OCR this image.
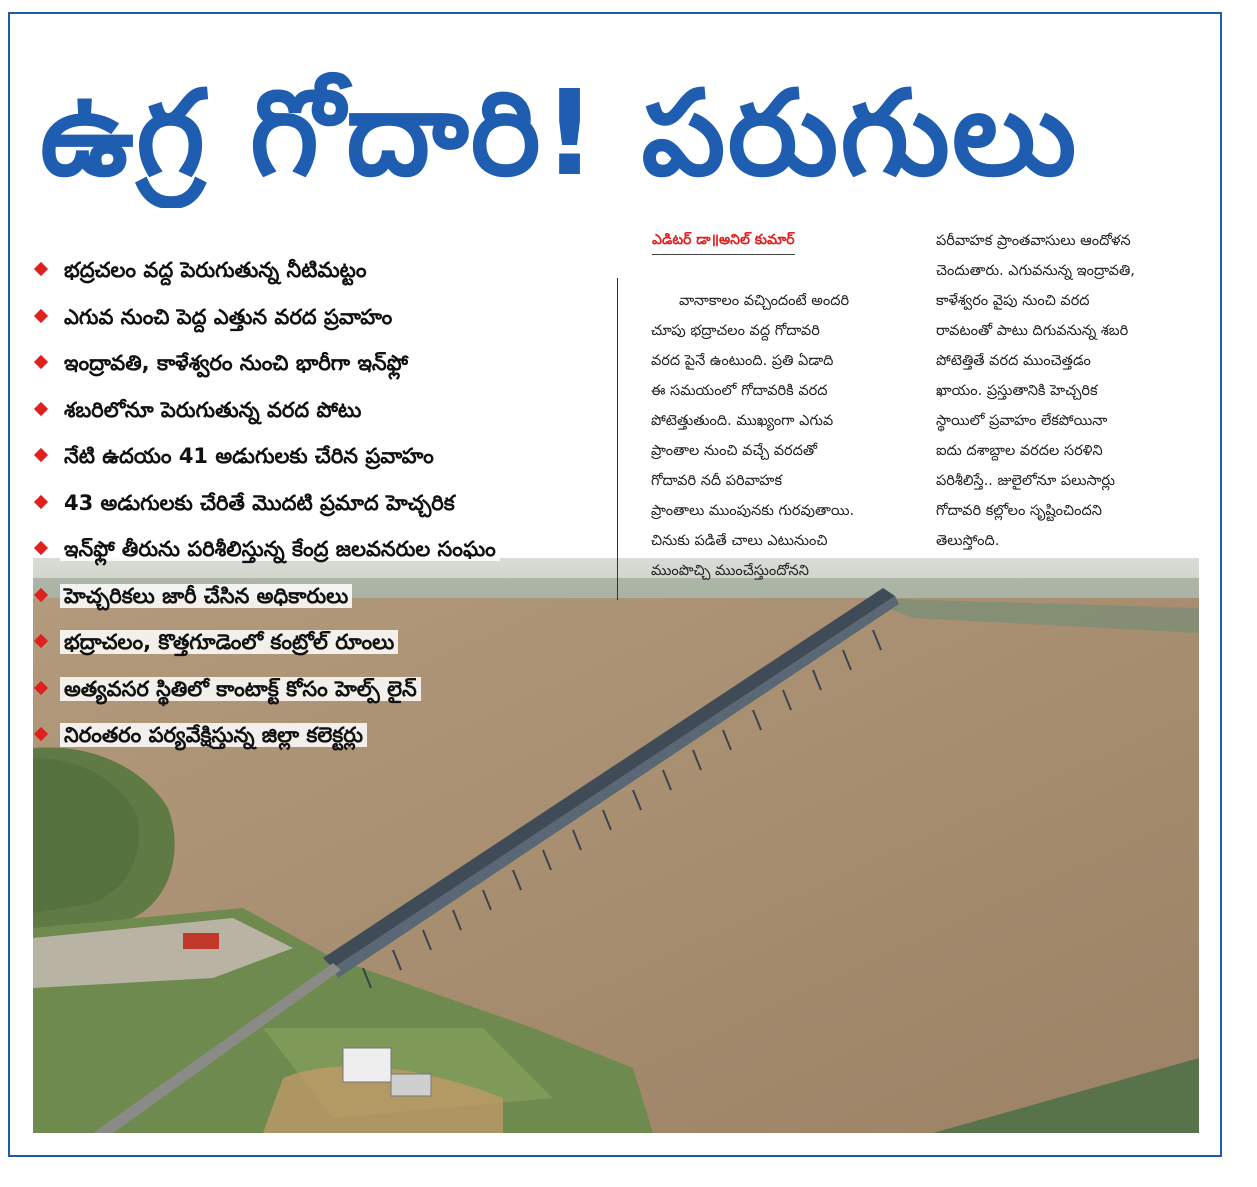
ఉగ్ర గోదారి! పరుగులు
భద్రచలం వద్ద పెరుగుతున్న నీటిమట్టం
ఎగువ నుంచి పెద్ద ఎత్తున వరద ప్రవాహం
ఇంద్రావతి, కాళేశ్వరం నుంచి భారీగా ఇన్‌ఫ్లో
శబరిలోనూ పెరుగుతున్న వరద పోటు
నేటి ఉదయం 41 అడుగులకు చేరిన ప్రవాహం
43 అడుగులకు చేరితే మొదటి ప్రమాద హెచ్చరిక
ఇన్‌ఫ్లో తీరును పరిశీలిస్తున్న కేంద్ర జలవనరుల సంఘం
హెచ్చరికలు జారీ చేసిన అధికారులు
భద్రాచలం, కొత్తగూడెంలో కంట్రోల్ రూంలు
అత్యవసర స్థితిలో కాంటాక్ట్ కోసం హెల్ప్ లైన్
నిరంతరం పర్యవేక్షిస్తున్న జిల్లా కలెక్టర్లు
ఎడిటర్ డా॥అనిల్ కుమార్

వానాకాలం వచ్చిందంటే అందరి

చూపు భద్రాచలం వద్ద గోదావరి

వరద పైనే ఉంటుంది. ప్రతి ఏడాది

ఈ సమయంలో గోదావరికి వరద

పోటెత్తుతుంది. ముఖ్యంగా ఎగువ

ప్రాంతాల నుంచి వచ్చే వరదతో

గోదావరి నదీ పరివాహక

ప్రాంతాలు ముంపునకు గురవుతాయి.

చినుకు పడితే చాలు ఎటునుంచి

ముంపొచ్చి ముంచేస్తుందోనని

పరీవాహక ప్రాంతవాసులు ఆందోళన

చెందుతారు. ఎగువనున్న ఇంద్రావతి,

కాళేశ్వరం వైపు నుంచి వరద

రావటంతో పాటు దిగువనున్న శబరి

పోటెత్తితే వరద ముంచెత్తడం

ఖాయం. ప్రస్తుతానికి హెచ్చరిక

స్థాయిలో ప్రవాహం లేకపోయినా

ఐదు దశాబ్దాల వరదల సరళిని

పరిశీలిస్తే.. జులైలోనూ పలుసార్లు

గోదావరి కల్లోలం సృష్టించిందని

తెలుస్తోంది.
